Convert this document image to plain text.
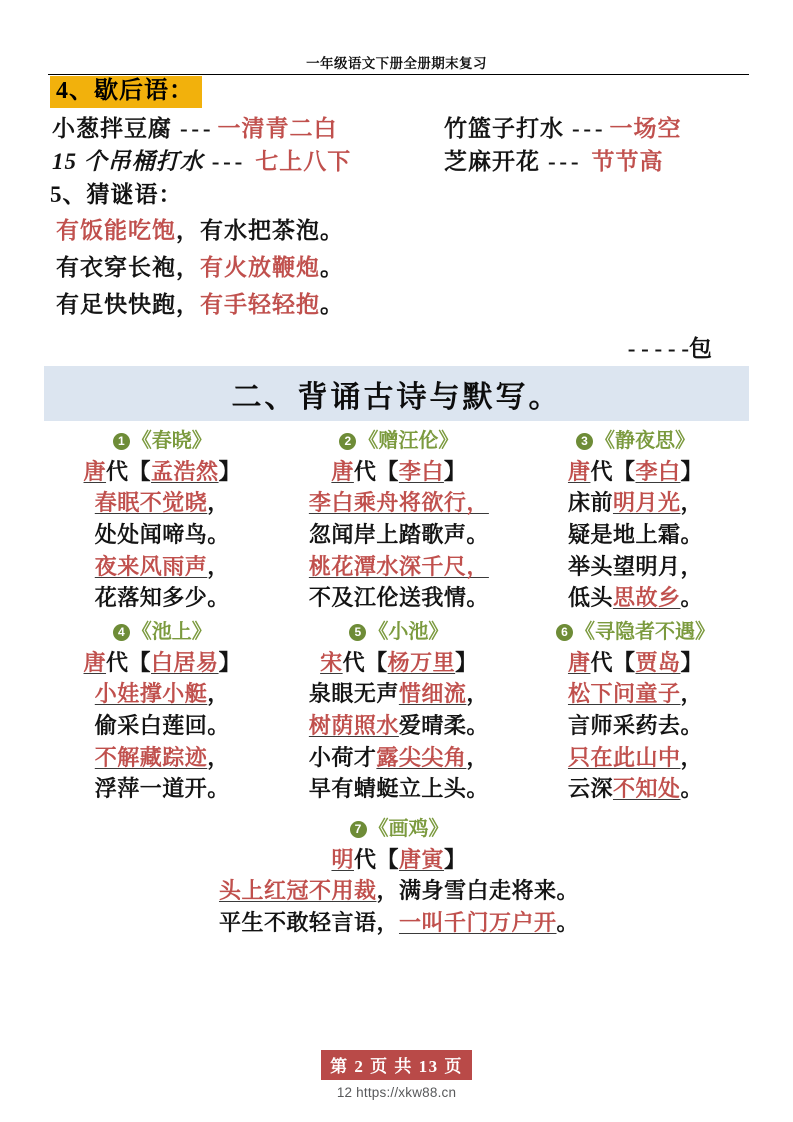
一年级语文下册全册期末复习
4、歇后语：
小葱拌豆腐 - - - 一清青二白	竹篮子打水 - - - 一场空
15 个吊桶打水 - - - 七上八下	芝麻开花 - - - 节节高
5、猜谜语：
有饭能吃饱，有水把茶泡。
有衣穿长袍，有火放鞭炮。
有足快快跑，有手轻轻抱。
- - - - -包
二、背诵古诗与默写。
1 《春晓》
唐代【孟浩然】
春眠不觉晓，
处处闻啼鸟。
夜来风雨声，
花落知多少。
2 《赠汪伦》
唐代【李白】
李白乘舟将欲行，
忽闻岸上踏歌声。
桃花潭水深千尺，
不及江伦送我情。
3 《静夜思》
唐代【李白】
床前明月光，
疑是地上霜。
举头望明月，
低头思故乡。
4 《池上》
唐代【白居易】
小娃撑小艇，
偷采白莲回。
不解藏踪迹，
浮萍一道开。
5 《小池》
宋代【杨万里】
泉眼无声惜细流，
树荫照水爱晴柔。
小荷才露尖尖角，
早有蜻蜓立上头。
6 《寻隐者不遇》
唐代【贾岛】
松下问童子，
言师采药去。
只在此山中，
云深不知处。
7 《画鸡》
明代【唐寅】
头上红冠不用裁，满身雪白走将来。
平生不敢轻言语，一叫千门万户开。
第 2 页 共 13 页
12 https://xkw88.cn
